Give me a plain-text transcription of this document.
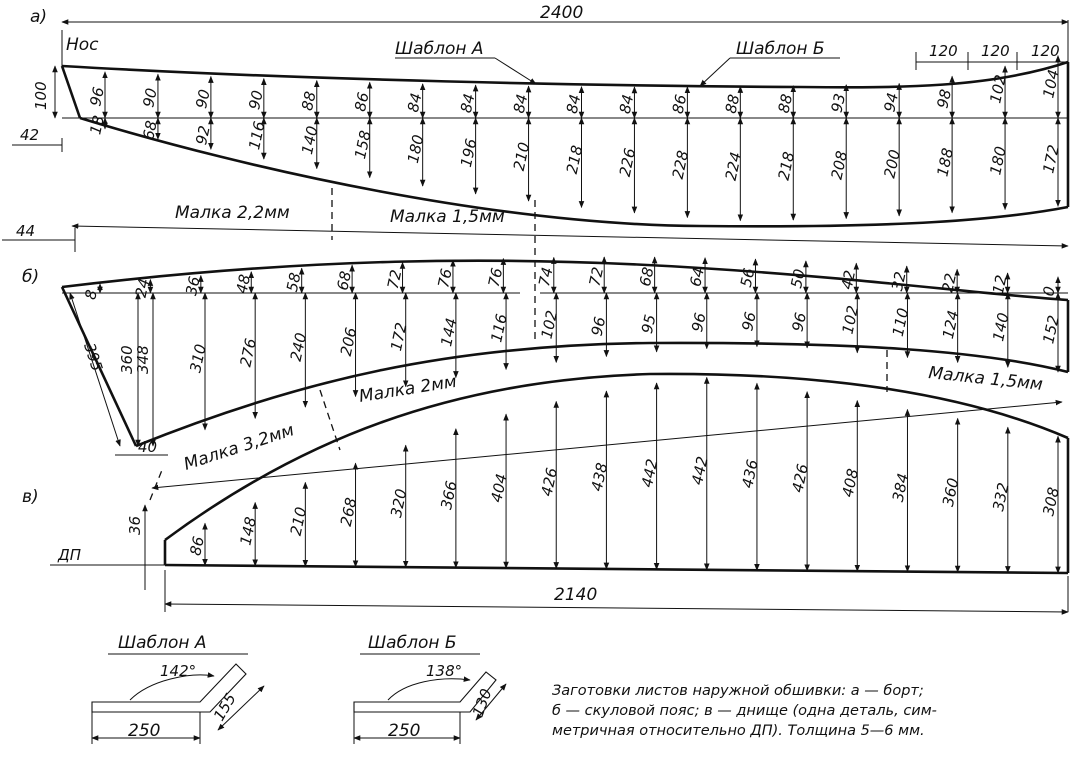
а)
б)
в)
Нос
ДП
2400
120 120 120
Шаблон А	Шаблон Б
100
42
44
Малка 2,2мм	Малка 1,5мм
96 90 90 90 88 86 84 84 84 84 84 86 88 88 93 94 98 102 104
18 68 92 116 140 158 180 196 210 218 226 228 224 218 208 200 188 180 172
395 360
348
40
8 24 36 48 58 68 72 76 76 74 72 68 64 56 50 42 32 22 12 0
310 276 240 206 172 144 116 102 96 95 96 96 96 102 110 124 140 152
Малка 3,2мм
Малка 2мм	Малка 1,5мм
36
86 148 210 268 320 366 404 426 438 442 442 436 426 408 384 360 332 308
2140
Шаблон А
142°
250
155
Шаблон Б
138°
250
130	Заготовки листов наружной обшивки: а — борт;
б — скуловой пояс; в — днище (одна деталь, сим-
метричная относительно ДП). Толщина 5—6 мм.
